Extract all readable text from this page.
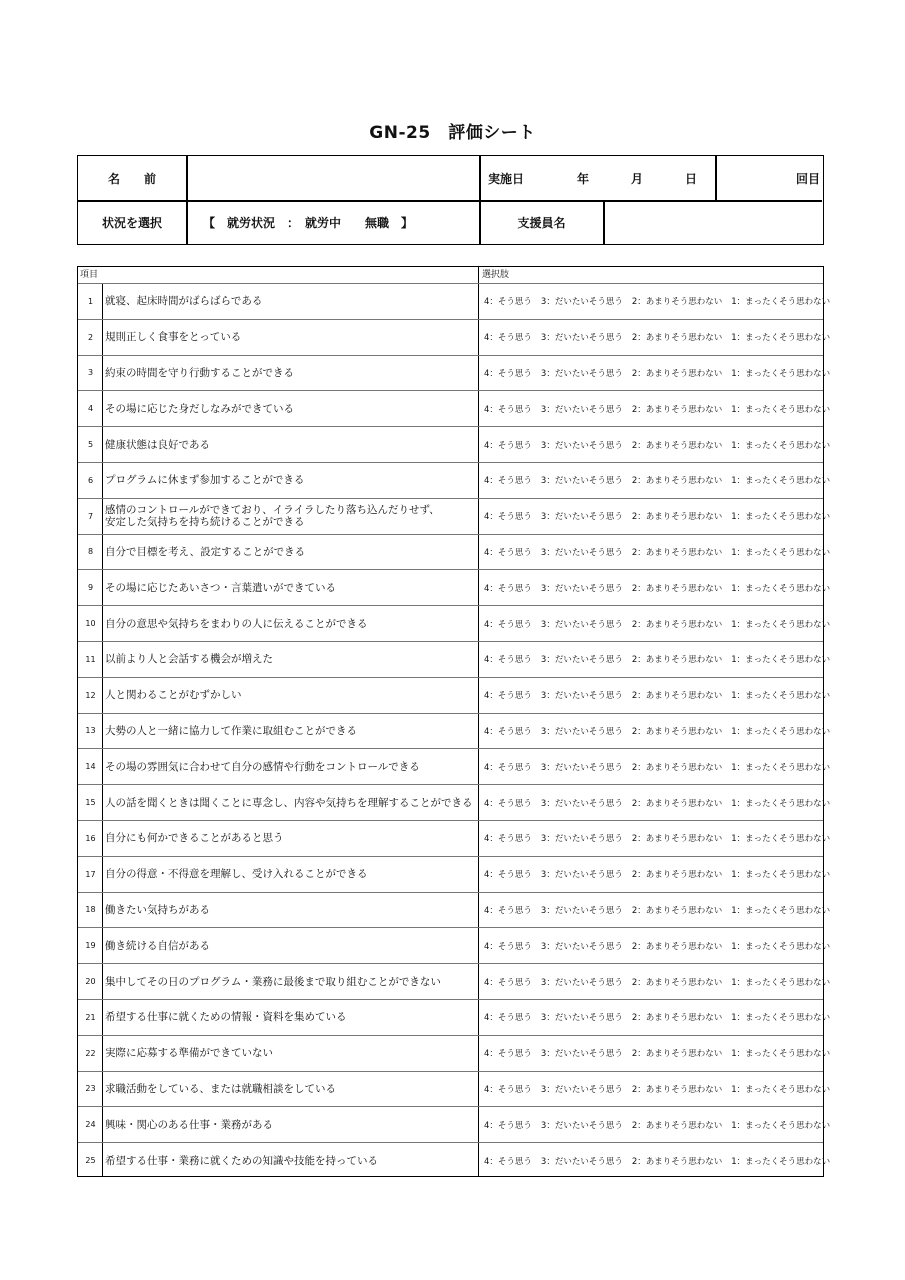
GN-25　評価シート
名　　前	実施日	年	月	日	回目
状況を選択	【　就労状況　：　就労中　　無職　】	支援員名
項目	選択肢
1	就寝、起床時間がばらばらである	4：そう思う 3：だいたいそう思う 2：あまりそう思わない 1：まったくそう思わない
2	規則正しく食事をとっている	4：そう思う 3：だいたいそう思う 2：あまりそう思わない 1：まったくそう思わない
3	約束の時間を守り行動することができる	4：そう思う 3：だいたいそう思う 2：あまりそう思わない 1：まったくそう思わない
4	その場に応じた身だしなみができている	4：そう思う 3：だいたいそう思う 2：あまりそう思わない 1：まったくそう思わない
5	健康状態は良好である	4：そう思う 3：だいたいそう思う 2：あまりそう思わない 1：まったくそう思わない
6	プログラムに休まず参加することができる	4：そう思う 3：だいたいそう思う 2：あまりそう思わない 1：まったくそう思わない
7	感情のコントロールができており、イライラしたり落ち込んだりせず、
安定した気持ちを持ち続けることができる	4：そう思う 3：だいたいそう思う 2：あまりそう思わない 1：まったくそう思わない
8	自分で目標を考え、設定することができる	4：そう思う 3：だいたいそう思う 2：あまりそう思わない 1：まったくそう思わない
9	その場に応じたあいさつ・言葉遣いができている	4：そう思う 3：だいたいそう思う 2：あまりそう思わない 1：まったくそう思わない
10 自分の意思や気持ちをまわりの人に伝えることができる	4：そう思う 3：だいたいそう思う 2：あまりそう思わない 1：まったくそう思わない
11 以前より人と会話する機会が増えた	4：そう思う 3：だいたいそう思う 2：あまりそう思わない 1：まったくそう思わない
12 人と関わることがむずかしい	4：そう思う 3：だいたいそう思う 2：あまりそう思わない 1：まったくそう思わない
13 大勢の人と一緒に協力して作業に取組むことができる	4：そう思う 3：だいたいそう思う 2：あまりそう思わない 1：まったくそう思わない
14 その場の雰囲気に合わせて自分の感情や行動をコントロールできる	4：そう思う 3：だいたいそう思う 2：あまりそう思わない 1：まったくそう思わない
15 人の話を聞くときは聞くことに専念し、内容や気持ちを理解することができる	4：そう思う 3：だいたいそう思う 2：あまりそう思わない 1：まったくそう思わない
16 自分にも何かできることがあると思う	4：そう思う 3：だいたいそう思う 2：あまりそう思わない 1：まったくそう思わない
17 自分の得意・不得意を理解し、受け入れることができる	4：そう思う 3：だいたいそう思う 2：あまりそう思わない 1：まったくそう思わない
18 働きたい気持ちがある	4：そう思う 3：だいたいそう思う 2：あまりそう思わない 1：まったくそう思わない
19 働き続ける自信がある	4：そう思う 3：だいたいそう思う 2：あまりそう思わない 1：まったくそう思わない
20 集中してその日のプログラム・業務に最後まで取り組むことができない	4：そう思う 3：だいたいそう思う 2：あまりそう思わない 1：まったくそう思わない
21 希望する仕事に就くための情報・資料を集めている	4：そう思う 3：だいたいそう思う 2：あまりそう思わない 1：まったくそう思わない
22 実際に応募する準備ができていない	4：そう思う 3：だいたいそう思う 2：あまりそう思わない 1：まったくそう思わない
23 求職活動をしている、または就職相談をしている	4：そう思う 3：だいたいそう思う 2：あまりそう思わない 1：まったくそう思わない
24 興味・関心のある仕事・業務がある	4：そう思う 3：だいたいそう思う 2：あまりそう思わない 1：まったくそう思わない
25 希望する仕事・業務に就くための知識や技能を持っている	4：そう思う 3：だいたいそう思う 2：あまりそう思わない 1：まったくそう思わない
